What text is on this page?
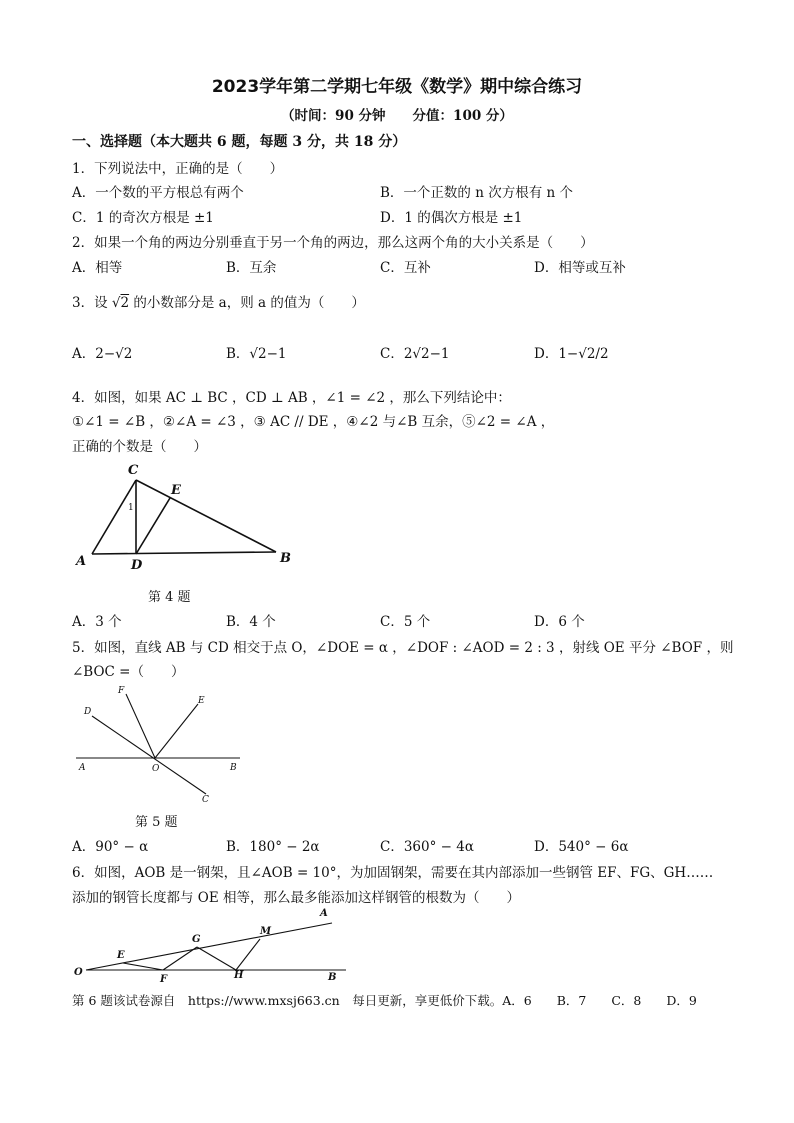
2023学年第二学期七年级《数学》期中综合练习
（时间：90 分钟　　分值：100 分）
一、选择题（本大题共 6 题，每题 3 分，共 18 分）
1．下列说法中，正确的是（　　）
A．一个数的平方根总有两个	B．一个正数的 n 次方根有 n 个
C．1 的奇次方根是 ±1	D．1 的偶次方根是 ±1
2．如果一个角的两边分别垂直于另一个角的两边，那么这两个角的大小关系是（　　）
A．相等	B．互余	C．互补	D．相等或互补
3．设 √2 的小数部分是 a，则 a 的值为（　　）
A．2−√2	B．√2−1	C．2√2−1	D．1−√2/2
4．如图，如果 AC ⊥ BC ，CD ⊥ AB ，∠1 = ∠2 ，那么下列结论中：
①∠1 = ∠B ，②∠A = ∠3 ，③ AC // DE ，④∠2 与∠B 互余，⑤∠2 = ∠A ，
正确的个数是（　　）
C
E
A	D	B
1
第 4 题
A．3 个	B．4 个	C．5 个	D．6 个
5．如图，直线 AB 与 CD 相交于点 O，∠DOE = α ，∠DOF : ∠AOD = 2 : 3 ，射线 OE 平分 ∠BOF ，则
∠BOC =（　　）
F
D
E
A	O	B
C
第 5 题
A．90° − α	B．180° − 2α	C．360° − 4α	D．540° − 6α
6．如图，AOB 是一钢架，且∠AOB = 10°，为加固钢架，需要在其内部添加一些钢管 EF、FG、GH……
添加的钢管长度都与 OE 相等，那么最多能添加这样钢管的根数为（　　）
A
M
G
E
O
F	H	B
第 6 题该试卷源自　https://www.mxsj663.cn　每日更新，享更低价下载。A．6　　B．7　　C．8　　D．9
